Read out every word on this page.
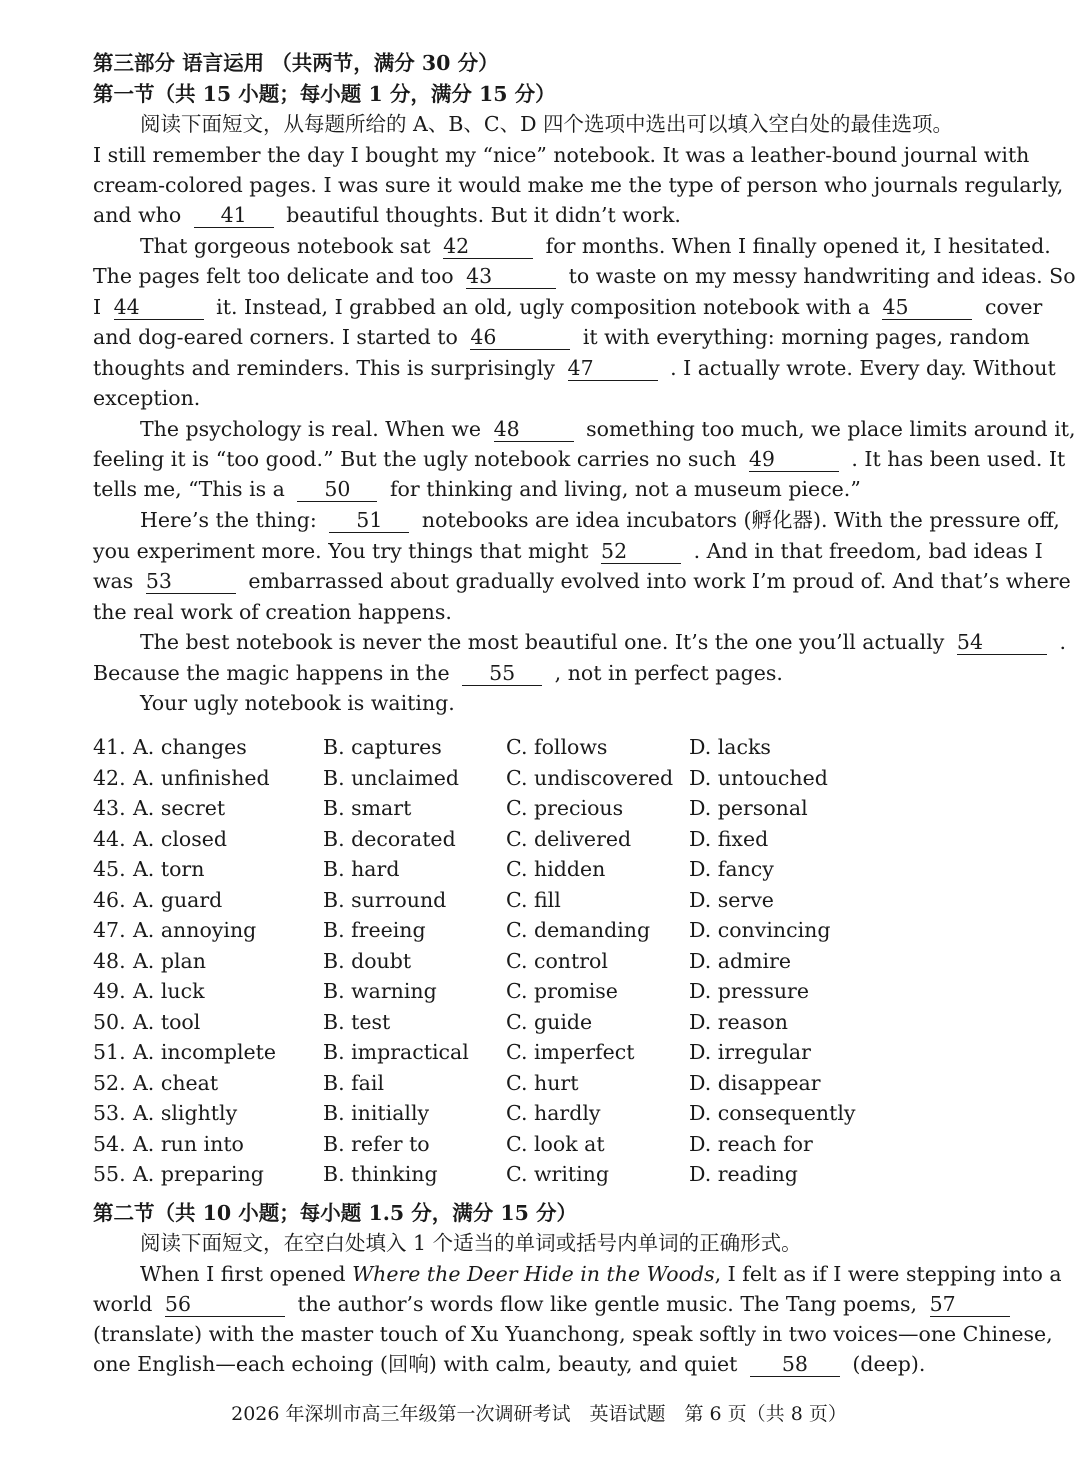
第三部分 语言运用 （共两节，满分 30 分）
第一节（共 15 小题；每小题 1 分，满分 15 分）
阅读下面短文，从每题所给的 A、B、C、D 四个选项中选出可以填入空白处的最佳选项。
I still remember the day I bought my “nice” notebook. It was a leather-bound journal with
cream-colored pages. I was sure it would make me the type of person who journals regularly,
and who 41 beautiful thoughts. But it didn’t work.
That gorgeous notebook sat 42	for months. When I finally opened it, I hesitated.
The pages felt too delicate and too 43	to waste on my messy handwriting and ideas. So
I 44	it. Instead, I grabbed an old, ugly composition notebook with a 45	cover
and dog-eared corners. I started to 46	it with everything: morning pages, random
thoughts and reminders. This is surprisingly 47	. I actually wrote. Every day. Without
exception.
The psychology is real. When we 48	something too much, we place limits around it,
feeling it is “too good.” But the ugly notebook carries no such 49	. It has been used. It
tells me, “This is a 50 for thinking and living, not a museum piece.”
Here’s the thing: 51 notebooks are idea incubators (孵化器). With the pressure off,
you experiment more. You try things that might 52	. And in that freedom, bad ideas I
was 53	embarrassed about gradually evolved into work I’m proud of. And that’s where
the real work of creation happens.
The best notebook is never the most beautiful one. It’s the one you’ll actually 54	.
Because the magic happens in the 55 , not in perfect pages.
Your ugly notebook is waiting.
41. A. changes	B. captures	C. follows	D. lacks
42. A. unfinished	B. unclaimed C. undiscovered D. untouched
43. A. secret	B. smart	C. precious	D. personal
44. A. closed	B. decorated C. delivered	D. fixed
45. A. torn	B. hard	C. hidden	D. fancy
46. A. guard	B. surround	C. fill	D. serve
47. A. annoying	B. freeing	C. demanding D. convincing
48. A. plan	B. doubt	C. control	D. admire
49. A. luck	B. warning	C. promise	D. pressure
50. A. tool	B. test	C. guide	D. reason
51. A. incomplete B. impractical C. imperfect	D. irregular
52. A. cheat	B. fail	C. hurt	D. disappear
53. A. slightly	B. initially	C. hardly	D. consequently
54. A. run into	B. refer to	C. look at	D. reach for
55. A. preparing	B. thinking	C. writing	D. reading
第二节（共 10 小题；每小题 1.5 分，满分 15 分）
阅读下面短文，在空白处填入 1 个适当的单词或括号内单词的正确形式。
When I first opened Where the Deer Hide in the Woods, I felt as if I were stepping into a
world 56	the author’s words flow like gentle music. The Tang poems, 57
(translate) with the master touch of Xu Yuanchong, speak softly in two voices—one Chinese,
one English—each echoing (回响) with calm, beauty, and quiet 58 (deep).
2026 年深圳市高三年级第一次调研考试　英语试题　第 6 页（共 8 页）
